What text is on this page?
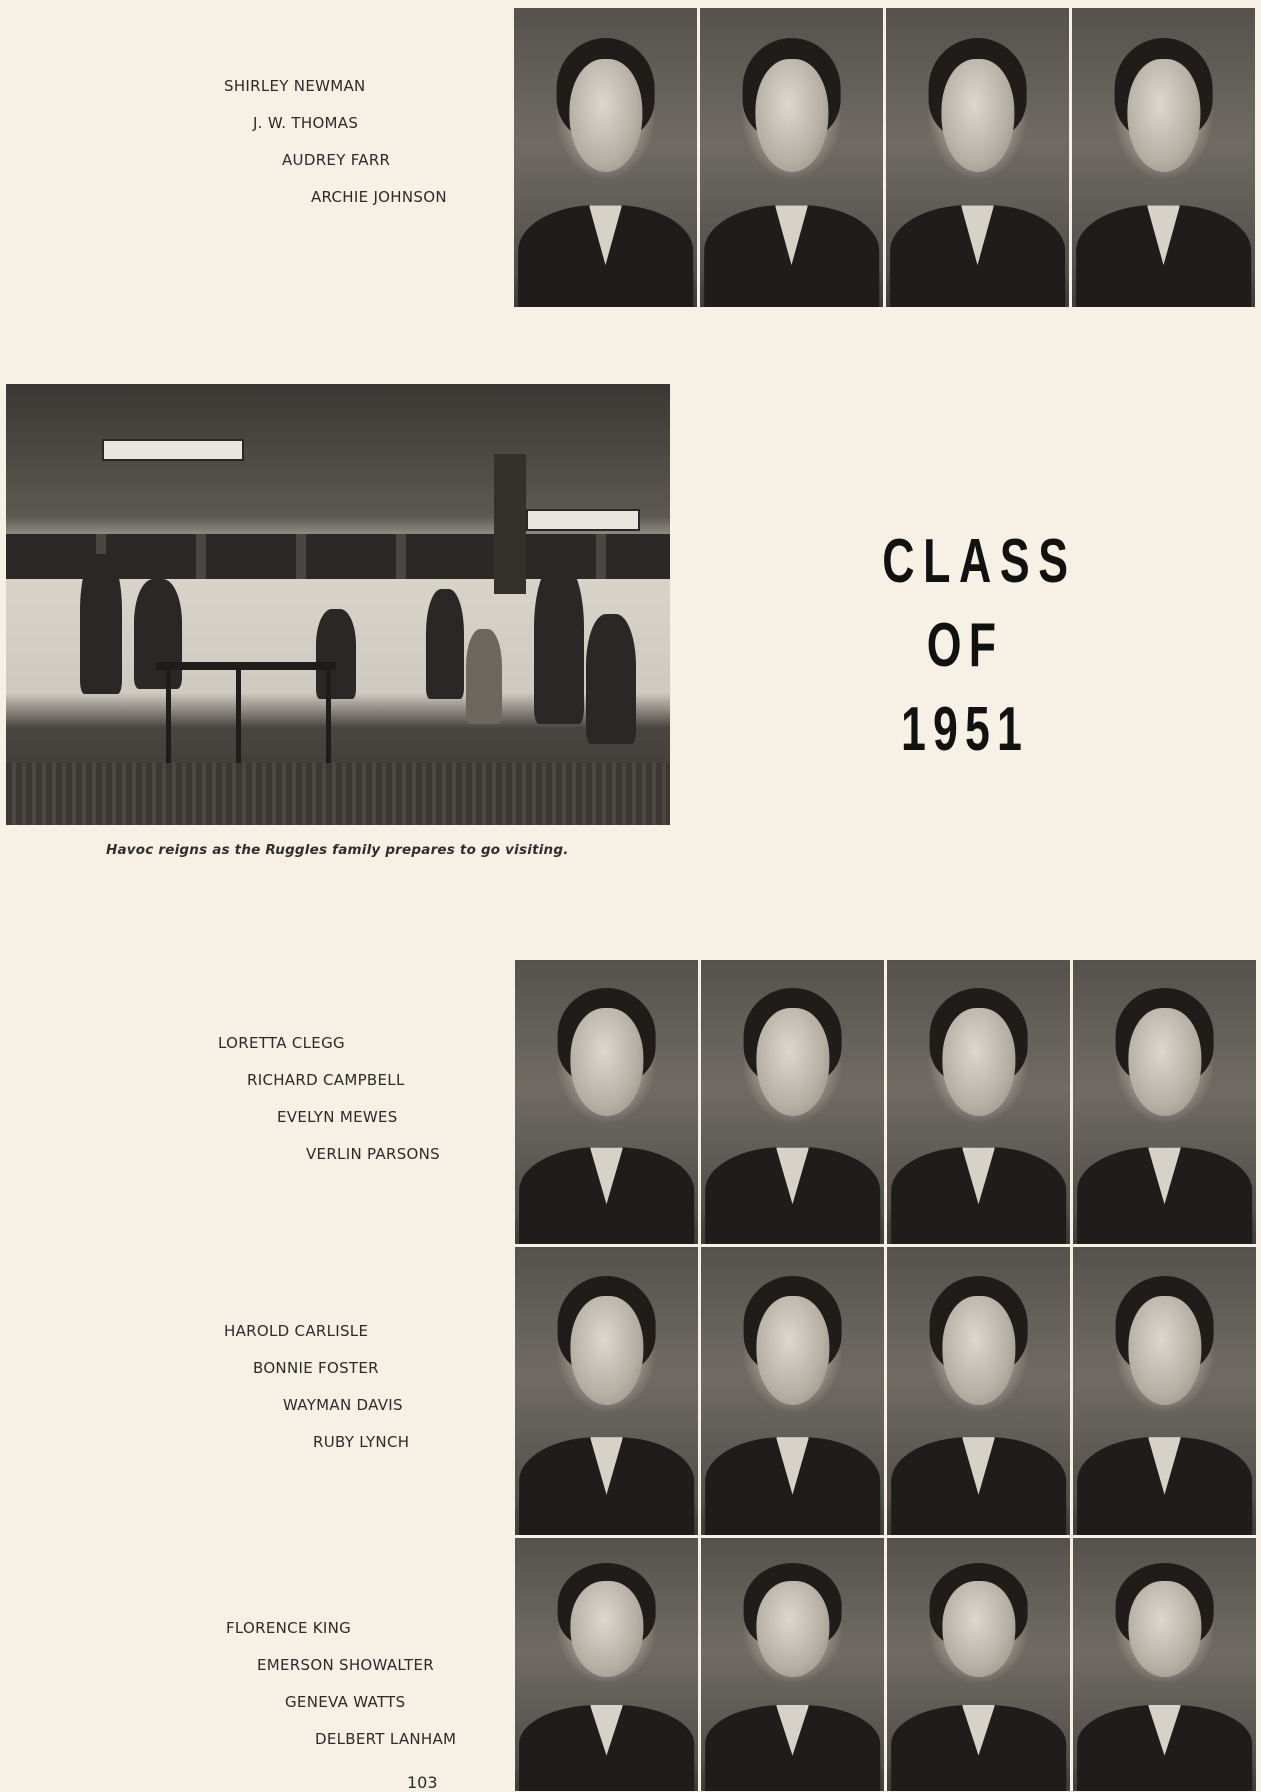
SHIRLEY NEWMAN
J. W. THOMAS
AUDREY FARR
ARCHIE JOHNSON
Havoc reigns as the Ruggles family prepares to go visiting.
CLASS
OF 1951
LORETTA CLEGG
RICHARD CAMPBELL
EVELYN MEWES
VERLIN PARSONS
HAROLD CARLISLE
BONNIE FOSTER
WAYMAN DAVIS
RUBY LYNCH
FLORENCE KING
EMERSON SHOWALTER
GENEVA WATTS
DELBERT LANHAM
103
